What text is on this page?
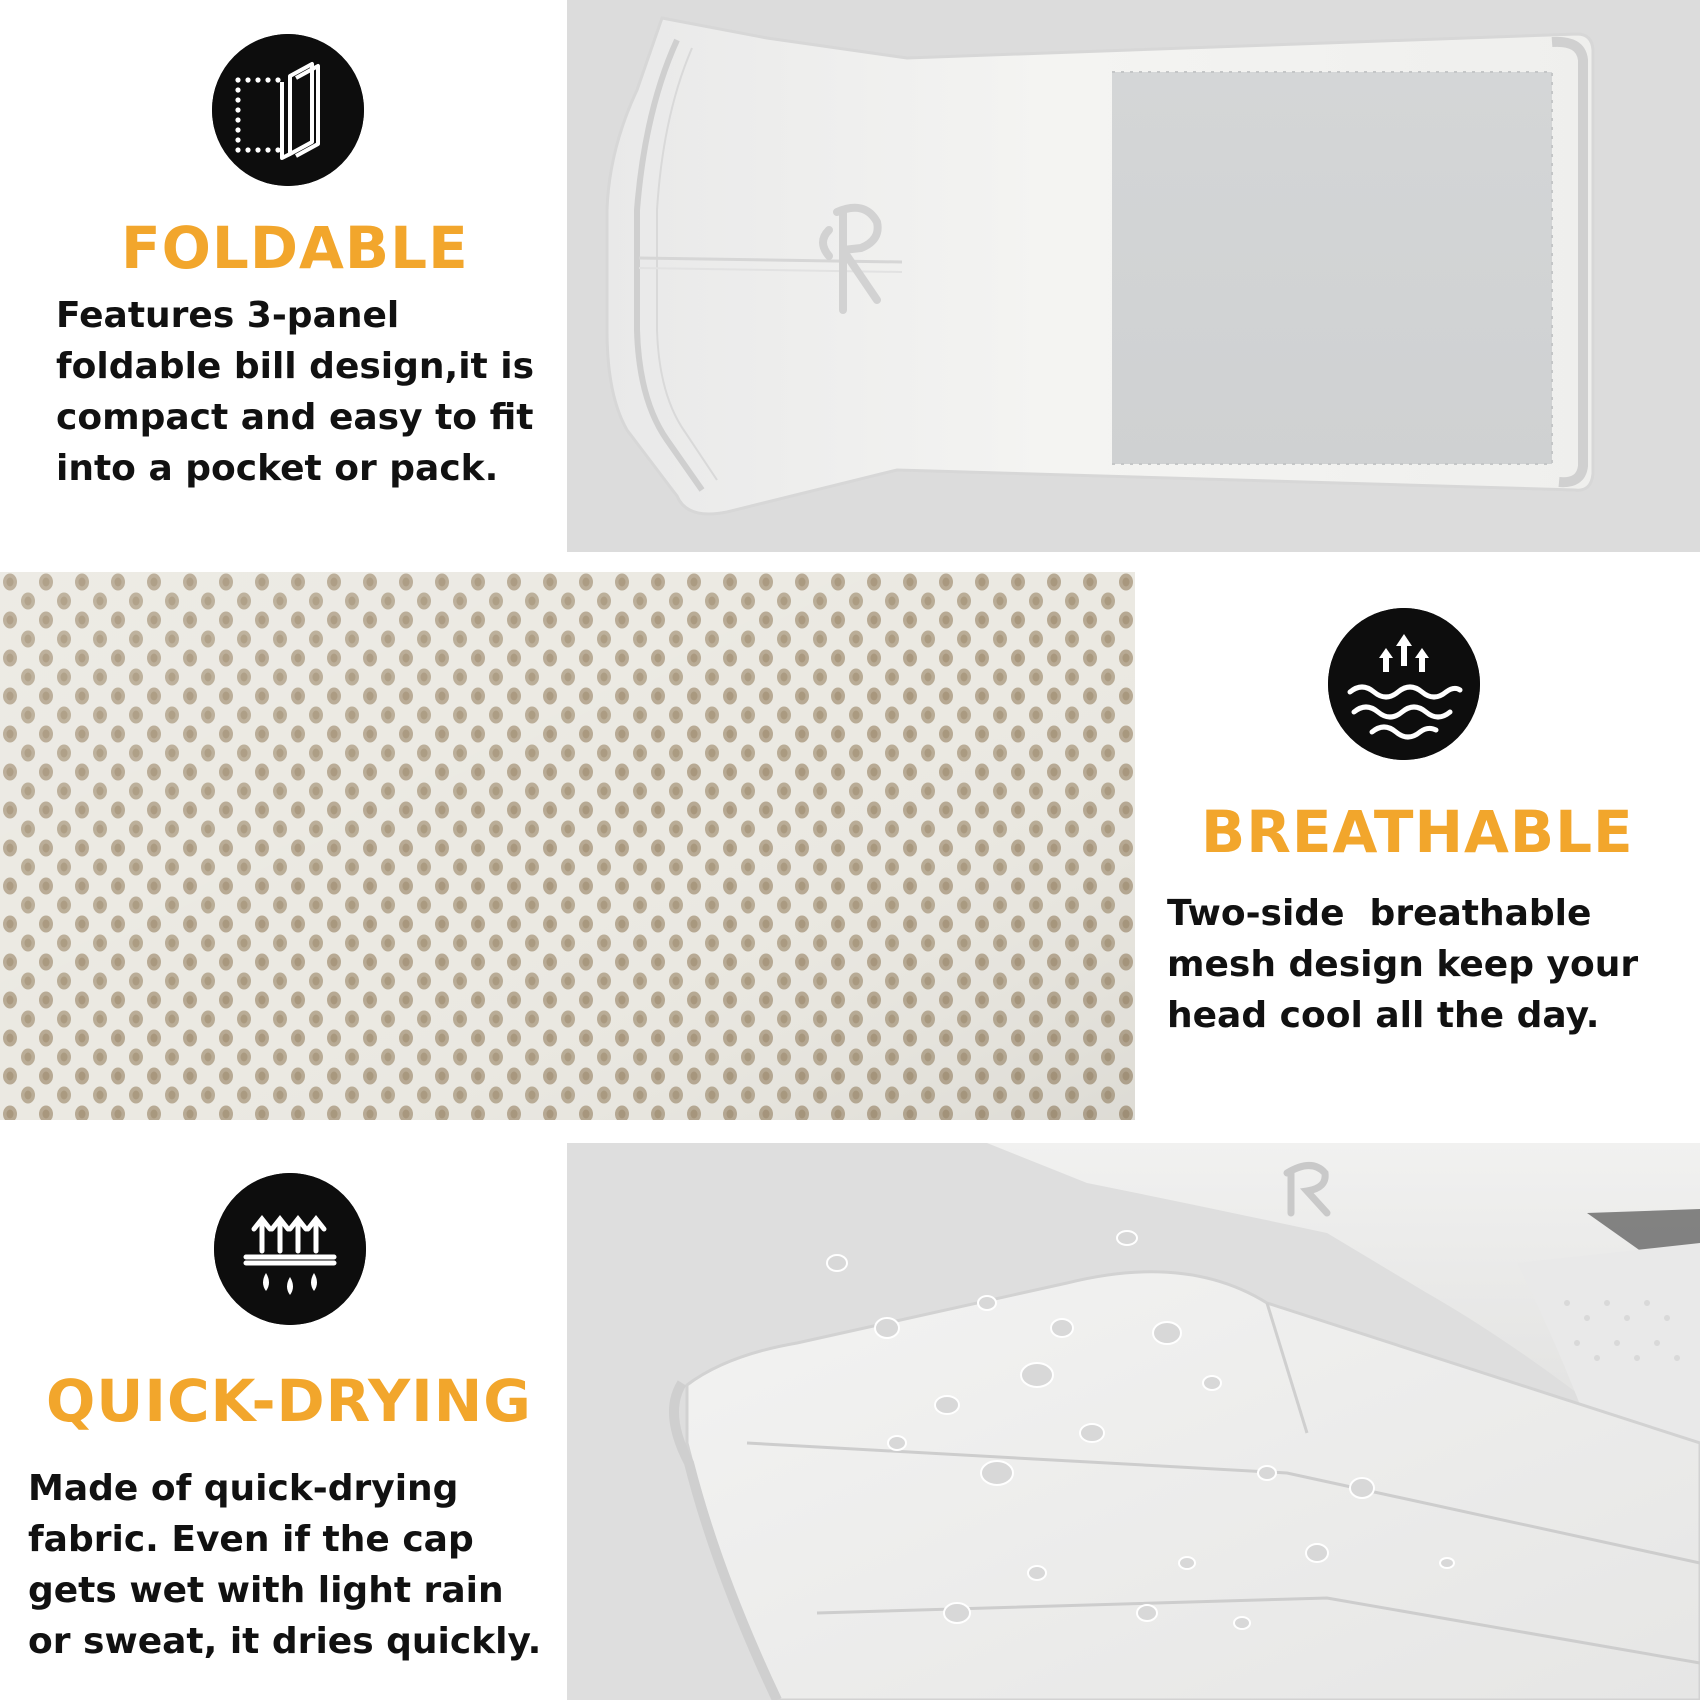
FOLDABLE

Features 3-panel
foldable bill design,it is
compact and easy to fit
into a pocket or pack.

BREATHABLE

Two-side  breathable
mesh design keep your
head cool all the day.

QUICK-DRYING

Made of quick-drying
fabric. Even if the cap
gets wet with light rain
or sweat, it dries quickly.
